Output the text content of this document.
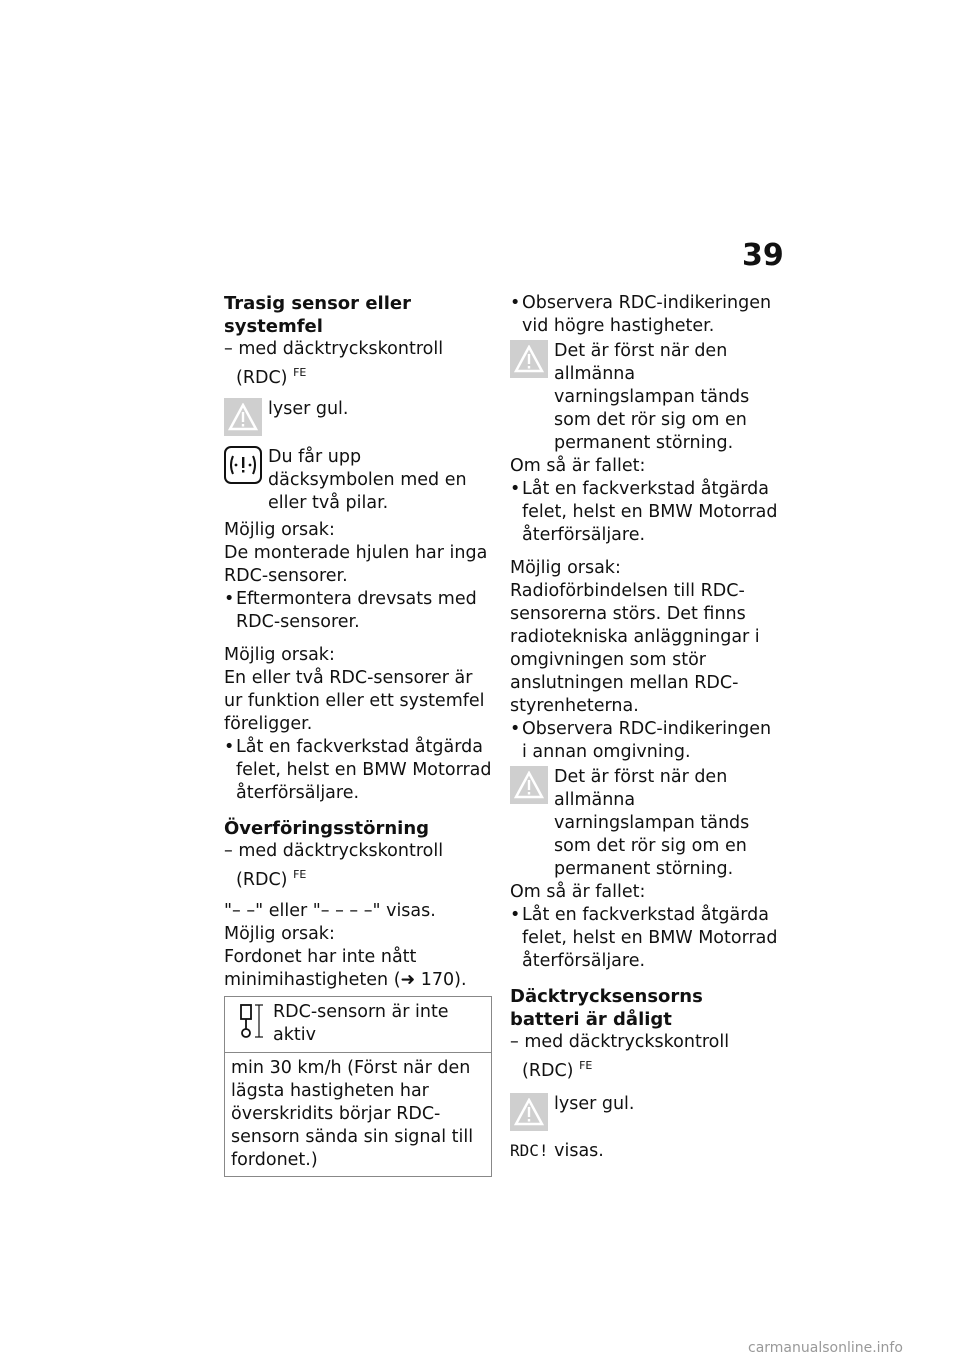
39

Trasig sensor eller systemfel

– med däcktryckskontroll

(RDC) $^{FE}$

lyser gul.

Du får upp däcksymbolen med en eller två pilar.

Möjlig orsak:

De monterade hjulen har inga RDC-sensorer.

• Eftermontera drevsats med RDC-sensorer.

Möjlig orsak:

En eller två RDC-sensorer är ur funktion eller ett systemfel föreligger.

• Låt en fackverkstad åtgärda felet, helst en BMW Motorrad återförsäljare.

Överföringsstörning

– med däcktryckskontroll

(RDC) $^{FE}$

"– –" eller "– – – –" visas.

Möjlig orsak:

Fordonet har inte nått minimihastigheten (➜ 170).

RDC-sensorn är inte aktiv

min 30 km/h (Först när den lägsta hastigheten har överskridits börjar RDC-sensorn sända sin signal till fordonet.)

• Observera RDC-indikeringen vid högre hastigheter.

Det är först när den allmänna varningslampan tänds som det rör sig om en permanent störning.

Om så är fallet:

• Låt en fackverkstad åtgärda felet, helst en BMW Motorrad återförsäljare.

Möjlig orsak:

Radioförbindelsen till RDC-sensorerna störs. Det finns radiotekniska anläggningar i omgivningen som stör anslutningen mellan RDC-styrenheterna.

• Observera RDC-indikeringen i annan omgivning.

Det är först när den allmänna varningslampan tänds som det rör sig om en permanent störning.

Om så är fallet:

• Låt en fackverkstad åtgärda felet, helst en BMW Motorrad återförsäljare.

Däcktrycksensorns batteri är dåligt

– med däcktryckskontroll

(RDC) $^{FE}$

lyser gul.

RDC! visas.

carmanualsonline.info
